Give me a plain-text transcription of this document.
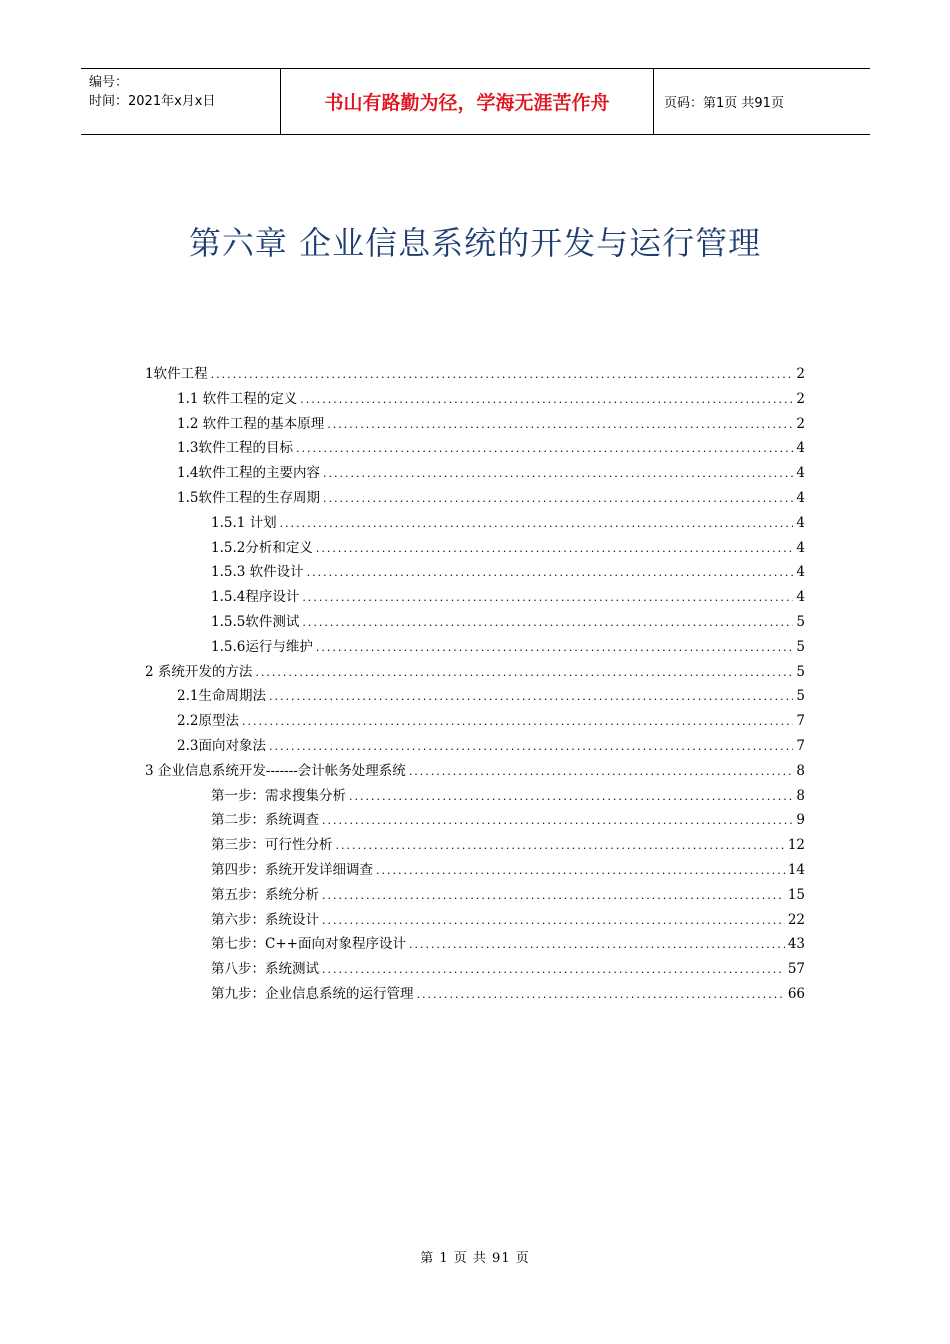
编号：
时间：2021年x月x日	书山有路勤为径，学海无涯苦作舟	页码：第1页 共91页
第六章 企业信息系统的开发与运行管理
1软件工程 .....	2
1.1 软件工程的定义 .....	2
1.2 软件工程的基本原理 .....	2
1.3软件工程的目标 .....	4
1.4软件工程的主要内容 .....	4
1.5软件工程的生存周期 .....	4
1.5.1 计划 .....	4
1.5.2分析和定义 .....	4
1.5.3 软件设计 .....	4
1.5.4程序设计 .....	4
1.5.5软件测试 .....	5
1.5.6运行与维护 .....	5
2 系统开发的方法 .....	5
2.1生命周期法 .....	5
2.2原型法 .....	7
2.3面向对象法 .....	7
3 企业信息系统开发-------会计帐务处理系统 .....	8
第一步：需求搜集分析 .....	8
第二步：系统调查 .....	9
第三步：可行性分析 .....	12
第四步：系统开发详细调查 .....	14
第五步：系统分析 .....	15
第六步：系统设计 .....	22
第七步：C++面向对象程序设计 .....	43
第八步：系统测试 .....	57
第九步：企业信息系统的运行管理 .....	66
第 1 页 共 91 页
